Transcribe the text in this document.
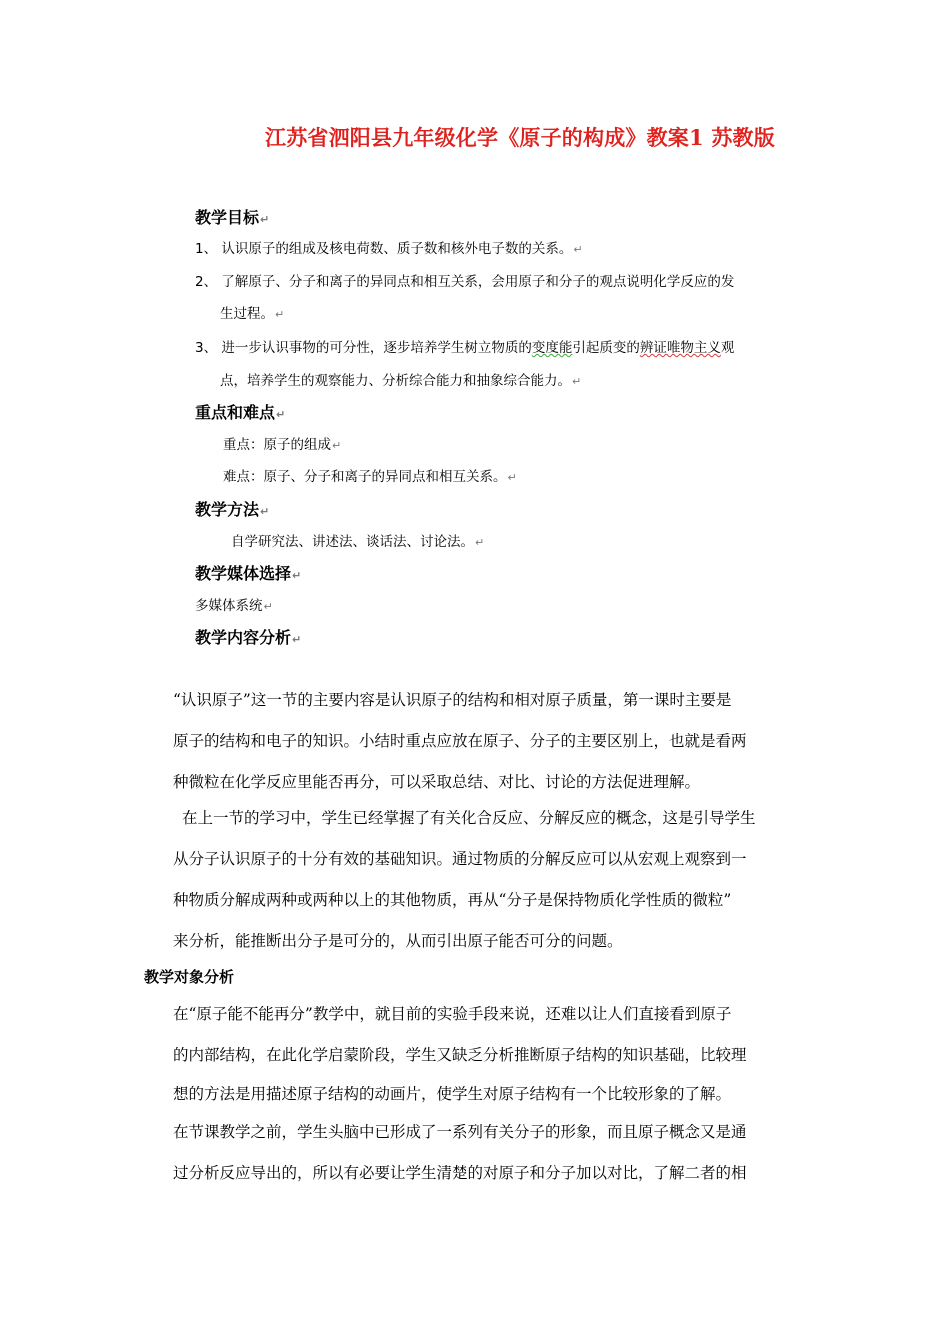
江苏省泗阳县九年级化学《原子的构成》教案1 苏教版
教学目标↵
1、 认识原子的组成及核电荷数、质子数和核外电子数的关系。↵
2、 了解原子、分子和离子的异同点和相互关系，会用原子和分子的观点说明化学反应的发
生过程。↵
3、 进一步认识事物的可分性，逐步培养学生树立物质的变度能引起质变的辨证唯物主义观
点，培养学生的观察能力、分析综合能力和抽象综合能力。↵
重点和难点↵
重点：原子的组成↵
难点：原子、分子和离子的异同点和相互关系。↵
教学方法↵
自学研究法、讲述法、谈话法、讨论法。↵
教学媒体选择↵
多媒体系统↵
教学内容分析↵
“认识原子”这一节的主要内容是认识原子的结构和相对原子质量，第一课时主要是
原子的结构和电子的知识。小结时重点应放在原子、分子的主要区别上，也就是看两
种微粒在化学反应里能否再分，可以采取总结、对比、讨论的方法促进理解。
在上一节的学习中，学生已经掌握了有关化合反应、分解反应的概念，这是引导学生
从分子认识原子的十分有效的基础知识。通过物质的分解反应可以从宏观上观察到一
种物质分解成两种或两种以上的其他物质，再从“分子是保持物质化学性质的微粒”
来分析，能推断出分子是可分的，从而引出原子能否可分的问题。
教学对象分析
在“原子能不能再分”教学中，就目前的实验手段来说，还难以让人们直接看到原子
的内部结构，在此化学启蒙阶段，学生又缺乏分析推断原子结构的知识基础，比较理
想的方法是用描述原子结构的动画片，使学生对原子结构有一个比较形象的了解。
在节课教学之前，学生头脑中已形成了一系列有关分子的形象，而且原子概念又是通
过分析反应导出的，所以有必要让学生清楚的对原子和分子加以对比，了解二者的相
